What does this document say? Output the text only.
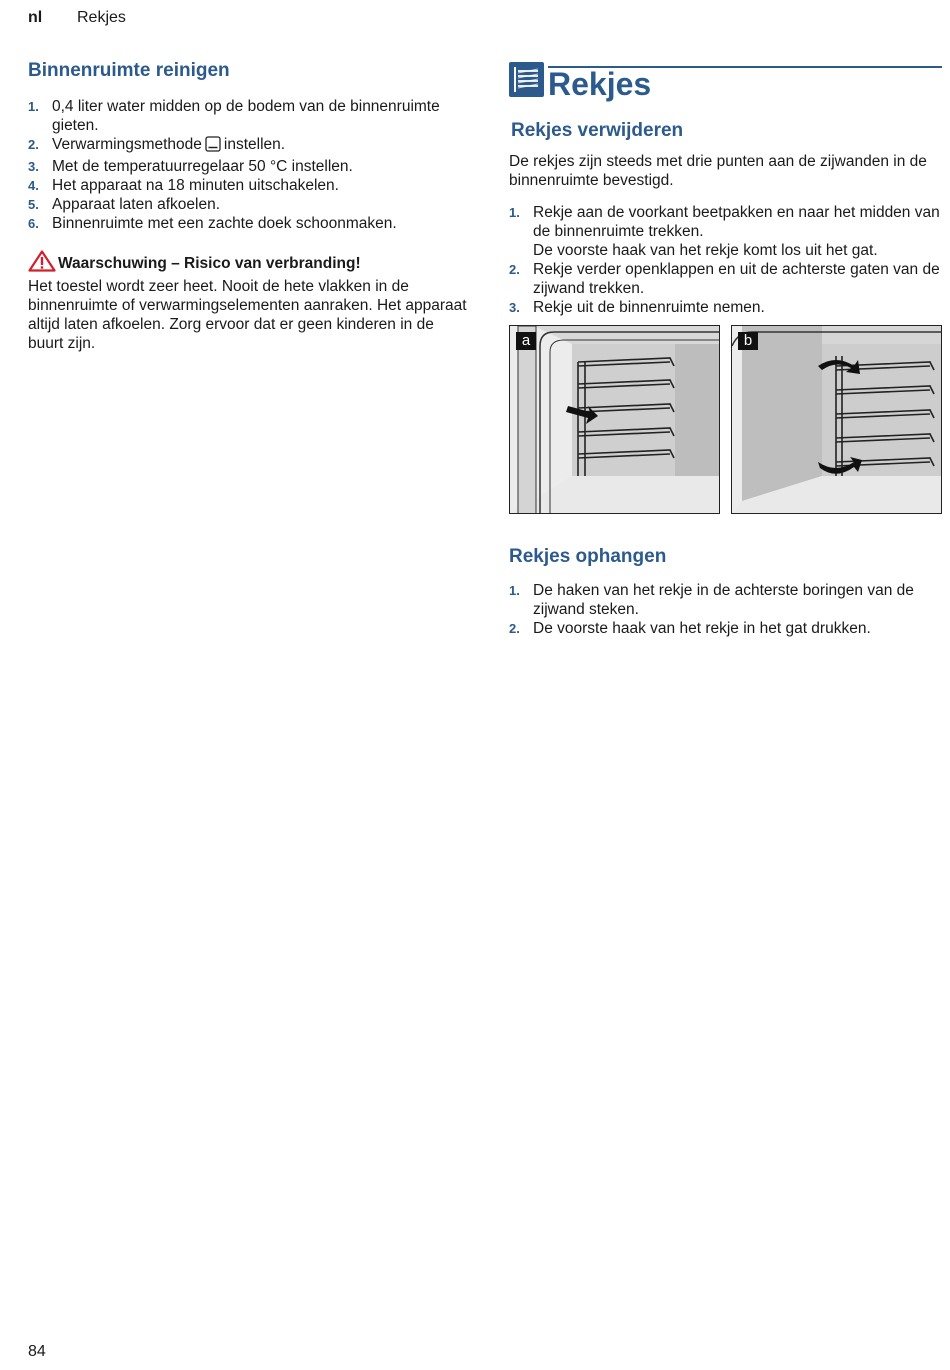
nl Rekjes
Binnenruimte reinigen
1. 0,4 liter water midden op de bodem van de binnenruimte gieten.
2. Verwarmingsmethode instellen.
3. Met de temperatuurregelaar 50 °C instellen.
4. Het apparaat na 18 minuten uitschakelen.
5. Apparaat laten afkoelen.
6. Binnenruimte met een zachte doek schoonmaken.
Waarschuwing – Risico van verbranding!

Het toestel wordt zeer heet. Nooit de hete vlakken in de binnenruimte of verwarmingselementen aanraken. Het apparaat altijd laten afkoelen. Zorg ervoor dat er geen kinderen in de buurt zijn.

Rekjes
Rekjes verwijderen

De rekjes zijn steeds met drie punten aan de zijwanden in de binnenruimte bevestigd.

1. Rekje aan de voorkant beetpakken en naar het midden van de binnenruimte trekken.
De voorste haak van het rekje komt los uit het gat.
2. Rekje verder openklappen en uit de achterste gaten van de zijwand trekken.
3. Rekje uit de binnenruimte nemen.
a	b
Rekjes ophangen
1. De haken van het rekje in de achterste boringen van de zijwand steken.
2. De voorste haak van het rekje in het gat drukken.
84
